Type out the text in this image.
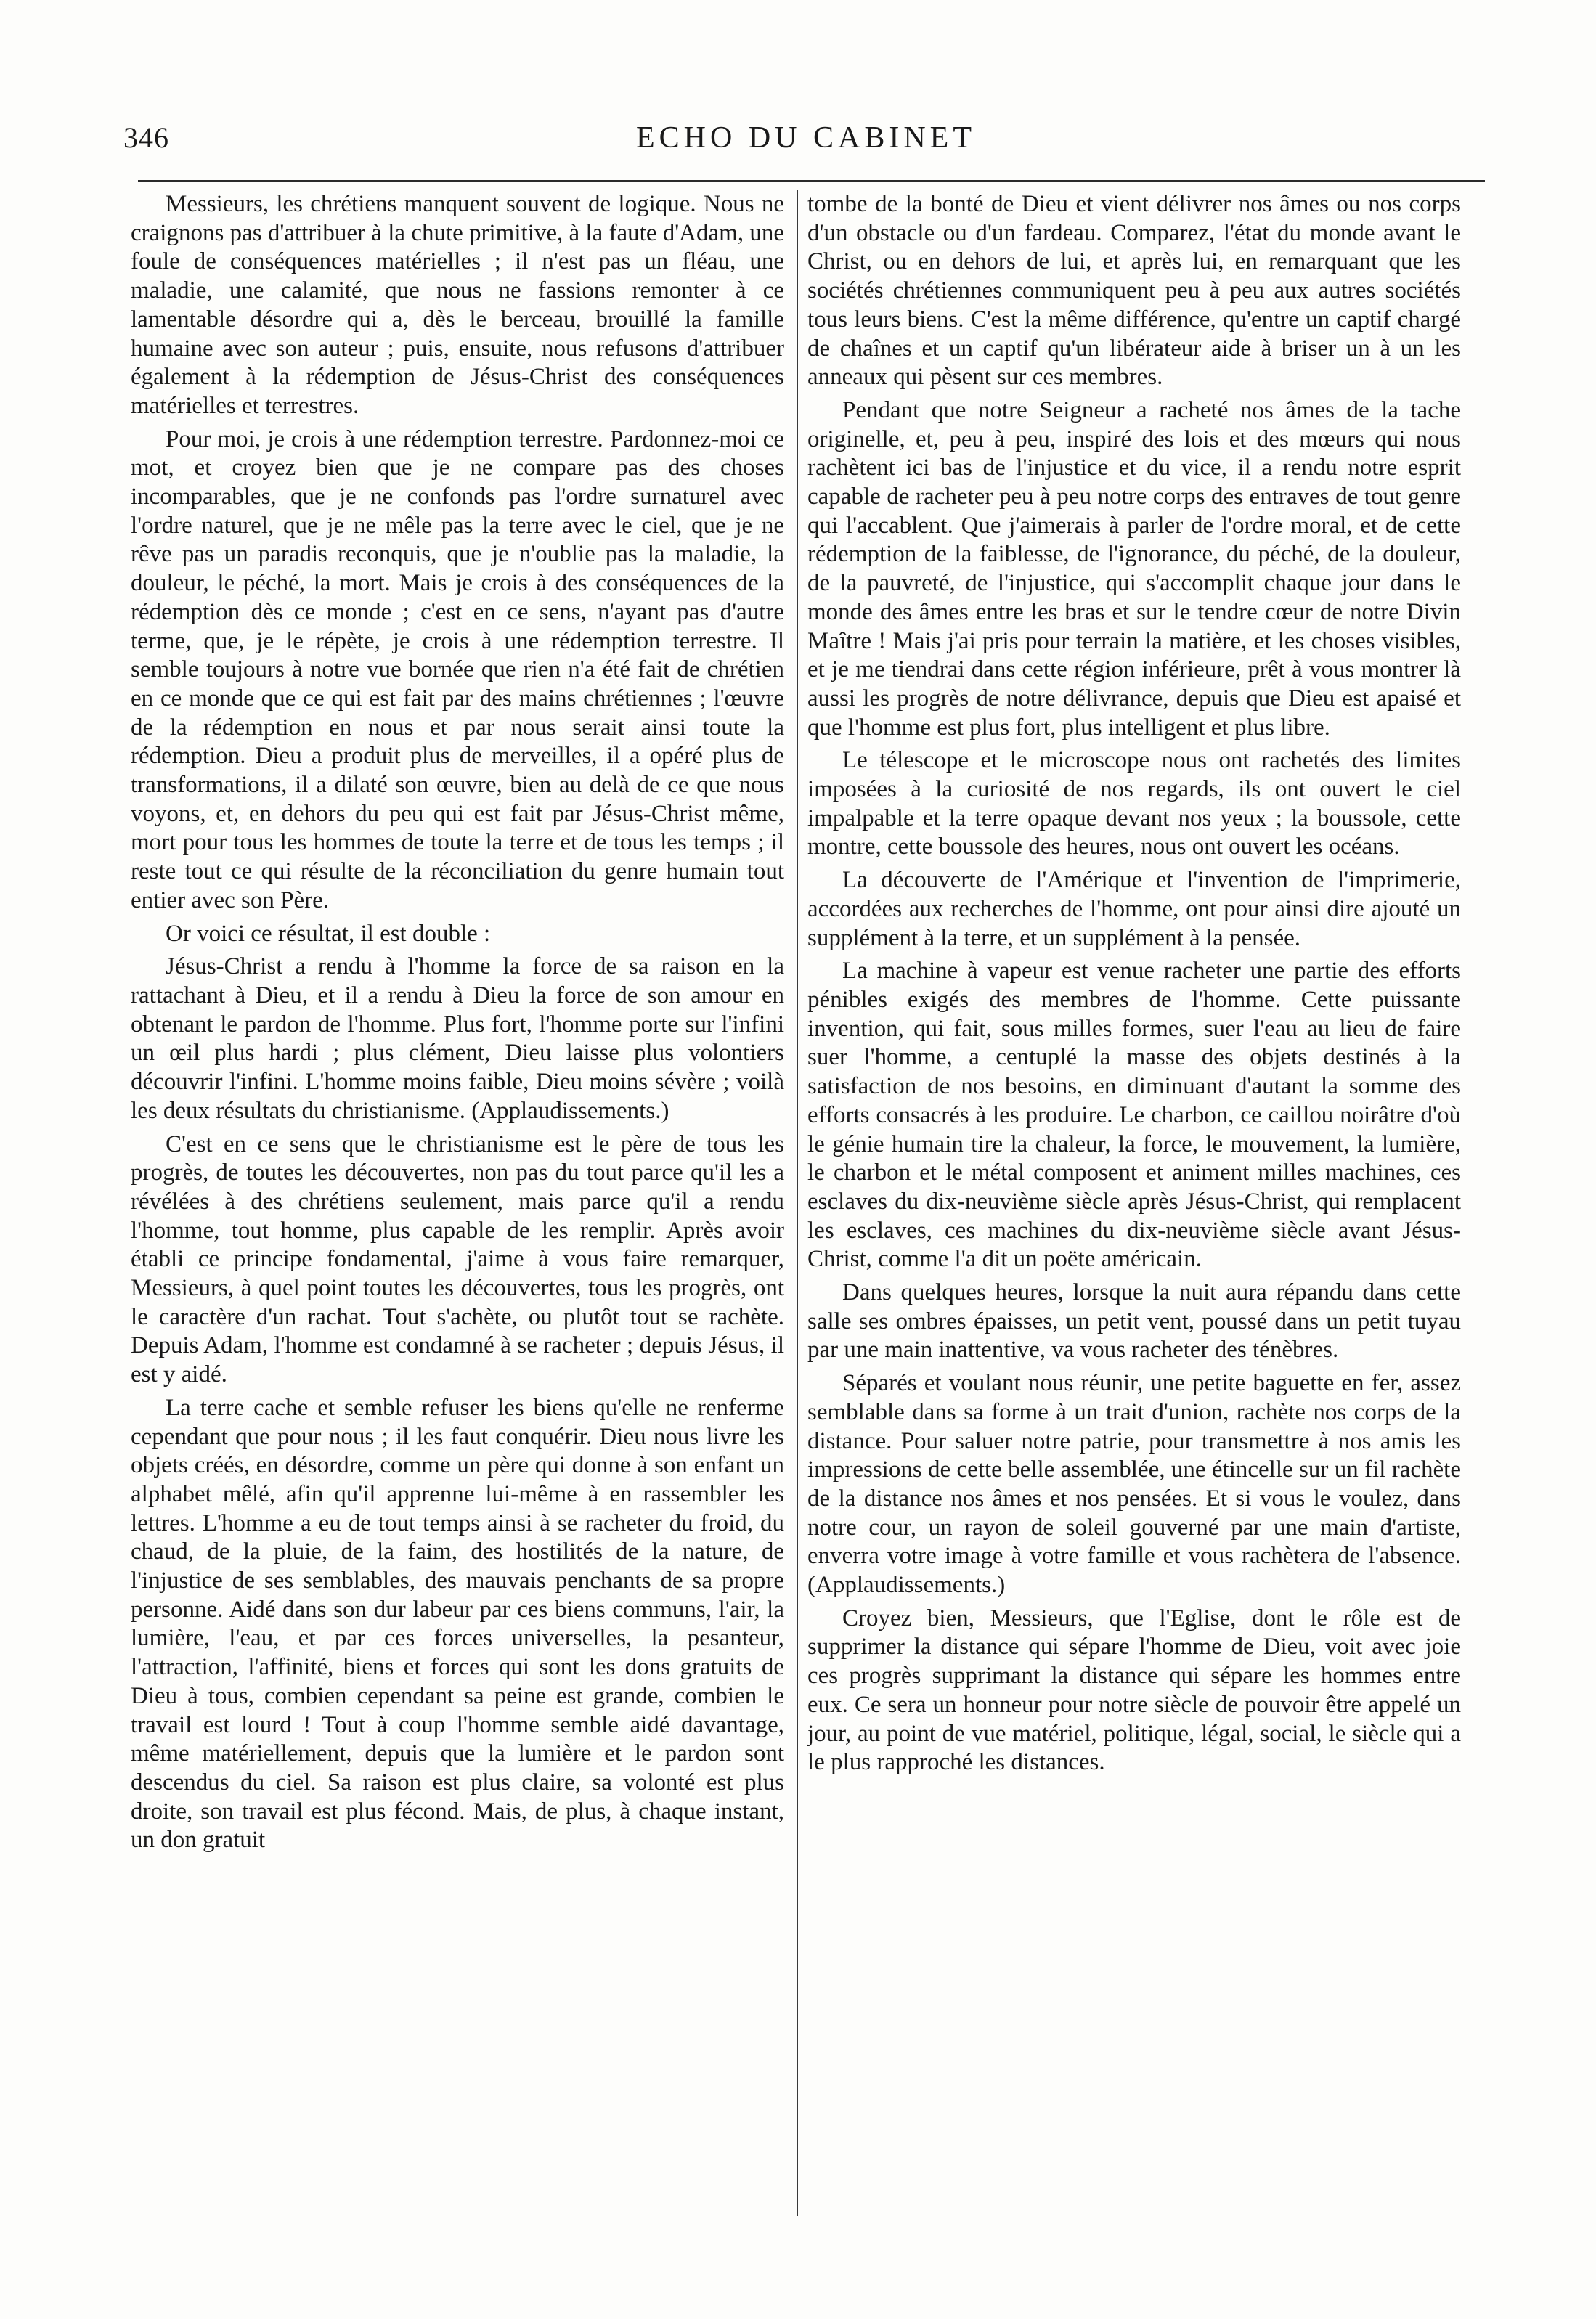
346	ECHO DU CABINET

Messieurs, les chrétiens manquent souvent de logique. Nous ne craignons pas d'attribuer à la chute primitive, à la faute d'Adam, une foule de conséquences matérielles ; il n'est pas un fléau, une maladie, une calamité, que nous ne fassions remonter à ce lamentable désordre qui a, dès le berceau, brouillé la famille humaine avec son auteur ; puis, ensuite, nous refusons d'attribuer également à la rédemption de Jésus-Christ des conséquences matérielles et terrestres.

Pour moi, je crois à une rédemption terrestre. Pardonnez-moi ce mot, et croyez bien que je ne compare pas des choses incomparables, que je ne confonds pas l'ordre surnaturel avec l'ordre naturel, que je ne mêle pas la terre avec le ciel, que je ne rêve pas un paradis reconquis, que je n'oublie pas la maladie, la douleur, le péché, la mort. Mais je crois à des conséquences de la rédemption dès ce monde ; c'est en ce sens, n'ayant pas d'autre terme, que, je le répète, je crois à une rédemption terrestre. Il semble toujours à notre vue bornée que rien n'a été fait de chrétien en ce monde que ce qui est fait par des mains chrétiennes ; l'œuvre de la rédemption en nous et par nous serait ainsi toute la rédemption. Dieu a produit plus de merveilles, il a opéré plus de transformations, il a dilaté son œuvre, bien au delà de ce que nous voyons, et, en dehors du peu qui est fait par Jésus-Christ même, mort pour tous les hommes de toute la terre et de tous les temps ; il reste tout ce qui résulte de la réconciliation du genre humain tout entier avec son Père.

Or voici ce résultat, il est double :

Jésus-Christ a rendu à l'homme la force de sa raison en la rattachant à Dieu, et il a rendu à Dieu la force de son amour en obtenant le pardon de l'homme. Plus fort, l'homme porte sur l'infini un œil plus hardi ; plus clément, Dieu laisse plus volontiers découvrir l'infini. L'homme moins faible, Dieu moins sévère ; voilà les deux résultats du christianisme. (Applaudissements.)

C'est en ce sens que le christianisme est le père de tous les progrès, de toutes les découvertes, non pas du tout parce qu'il les a révélées à des chrétiens seulement, mais parce qu'il a rendu l'homme, tout homme, plus capable de les remplir. Après avoir établi ce principe fondamental, j'aime à vous faire remarquer, Messieurs, à quel point toutes les découvertes, tous les progrès, ont le caractère d'un rachat. Tout s'achète, ou plutôt tout se rachète. Depuis Adam, l'homme est condamné à se racheter ; depuis Jésus, il est y aidé.

La terre cache et semble refuser les biens qu'elle ne renferme cependant que pour nous ; il les faut conquérir. Dieu nous livre les objets créés, en désordre, comme un père qui donne à son enfant un alphabet mêlé, afin qu'il apprenne lui-même à en rassembler les lettres. L'homme a eu de tout temps ainsi à se racheter du froid, du chaud, de la pluie, de la faim, des hostilités de la nature, de l'injustice de ses semblables, des mauvais penchants de sa propre personne. Aidé dans son dur labeur par ces biens communs, l'air, la lumière, l'eau, et par ces forces universelles, la pesanteur, l'attraction, l'affinité, biens et forces qui sont les dons gratuits de Dieu à tous, combien cependant sa peine est grande, combien le travail est lourd ! Tout à coup l'homme semble aidé davantage, même matériellement, depuis que la lumière et le pardon sont descendus du ciel. Sa raison est plus claire, sa volonté est plus droite, son travail est plus fécond. Mais, de plus, à chaque instant, un don gratuit

tombe de la bonté de Dieu et vient délivrer nos âmes ou nos corps d'un obstacle ou d'un fardeau. Comparez, l'état du monde avant le Christ, ou en dehors de lui, et après lui, en remarquant que les sociétés chrétiennes communiquent peu à peu aux autres sociétés tous leurs biens. C'est la même différence, qu'entre un captif chargé de chaînes et un captif qu'un libérateur aide à briser un à un les anneaux qui pèsent sur ces membres.

Pendant que notre Seigneur a racheté nos âmes de la tache originelle, et, peu à peu, inspiré des lois et des mœurs qui nous rachètent ici bas de l'injustice et du vice, il a rendu notre esprit capable de racheter peu à peu notre corps des entraves de tout genre qui l'accablent. Que j'aimerais à parler de l'ordre moral, et de cette rédemption de la faiblesse, de l'ignorance, du péché, de la douleur, de la pauvreté, de l'injustice, qui s'accomplit chaque jour dans le monde des âmes entre les bras et sur le tendre cœur de notre Divin Maître ! Mais j'ai pris pour terrain la matière, et les choses visibles, et je me tiendrai dans cette région inférieure, prêt à vous montrer là aussi les progrès de notre délivrance, depuis que Dieu est apaisé et que l'homme est plus fort, plus intelligent et plus libre.

Le télescope et le microscope nous ont rachetés des limites imposées à la curiosité de nos regards, ils ont ouvert le ciel impalpable et la terre opaque devant nos yeux ; la boussole, cette montre, cette boussole des heures, nous ont ouvert les océans.

La découverte de l'Amérique et l'invention de l'imprimerie, accordées aux recherches de l'homme, ont pour ainsi dire ajouté un supplément à la terre, et un supplément à la pensée.

La machine à vapeur est venue racheter une partie des efforts pénibles exigés des membres de l'homme. Cette puissante invention, qui fait, sous milles formes, suer l'eau au lieu de faire suer l'homme, a centuplé la masse des objets destinés à la satisfaction de nos besoins, en diminuant d'autant la somme des efforts consacrés à les produire. Le charbon, ce caillou noirâtre d'où le génie humain tire la chaleur, la force, le mouvement, la lumière, le charbon et le métal composent et animent milles machines, ces esclaves du dix-neuvième siècle après Jésus-Christ, qui remplacent les esclaves, ces machines du dix-neuvième siècle avant Jésus-Christ, comme l'a dit un poëte américain.

Dans quelques heures, lorsque la nuit aura répandu dans cette salle ses ombres épaisses, un petit vent, poussé dans un petit tuyau par une main inattentive, va vous racheter des ténèbres.

Séparés et voulant nous réunir, une petite baguette en fer, assez semblable dans sa forme à un trait d'union, rachète nos corps de la distance. Pour saluer notre patrie, pour transmettre à nos amis les impressions de cette belle assemblée, une étincelle sur un fil rachète de la distance nos âmes et nos pensées. Et si vous le voulez, dans notre cour, un rayon de soleil gouverné par une main d'artiste, enverra votre image à votre famille et vous rachètera de l'absence. (Applaudissements.)

Croyez bien, Messieurs, que l'Eglise, dont le rôle est de supprimer la distance qui sépare l'homme de Dieu, voit avec joie ces progrès supprimant la distance qui sépare les hommes entre eux. Ce sera un honneur pour notre siècle de pouvoir être appelé un jour, au point de vue matériel, politique, légal, social, le siècle qui a le plus rapproché les distances.
